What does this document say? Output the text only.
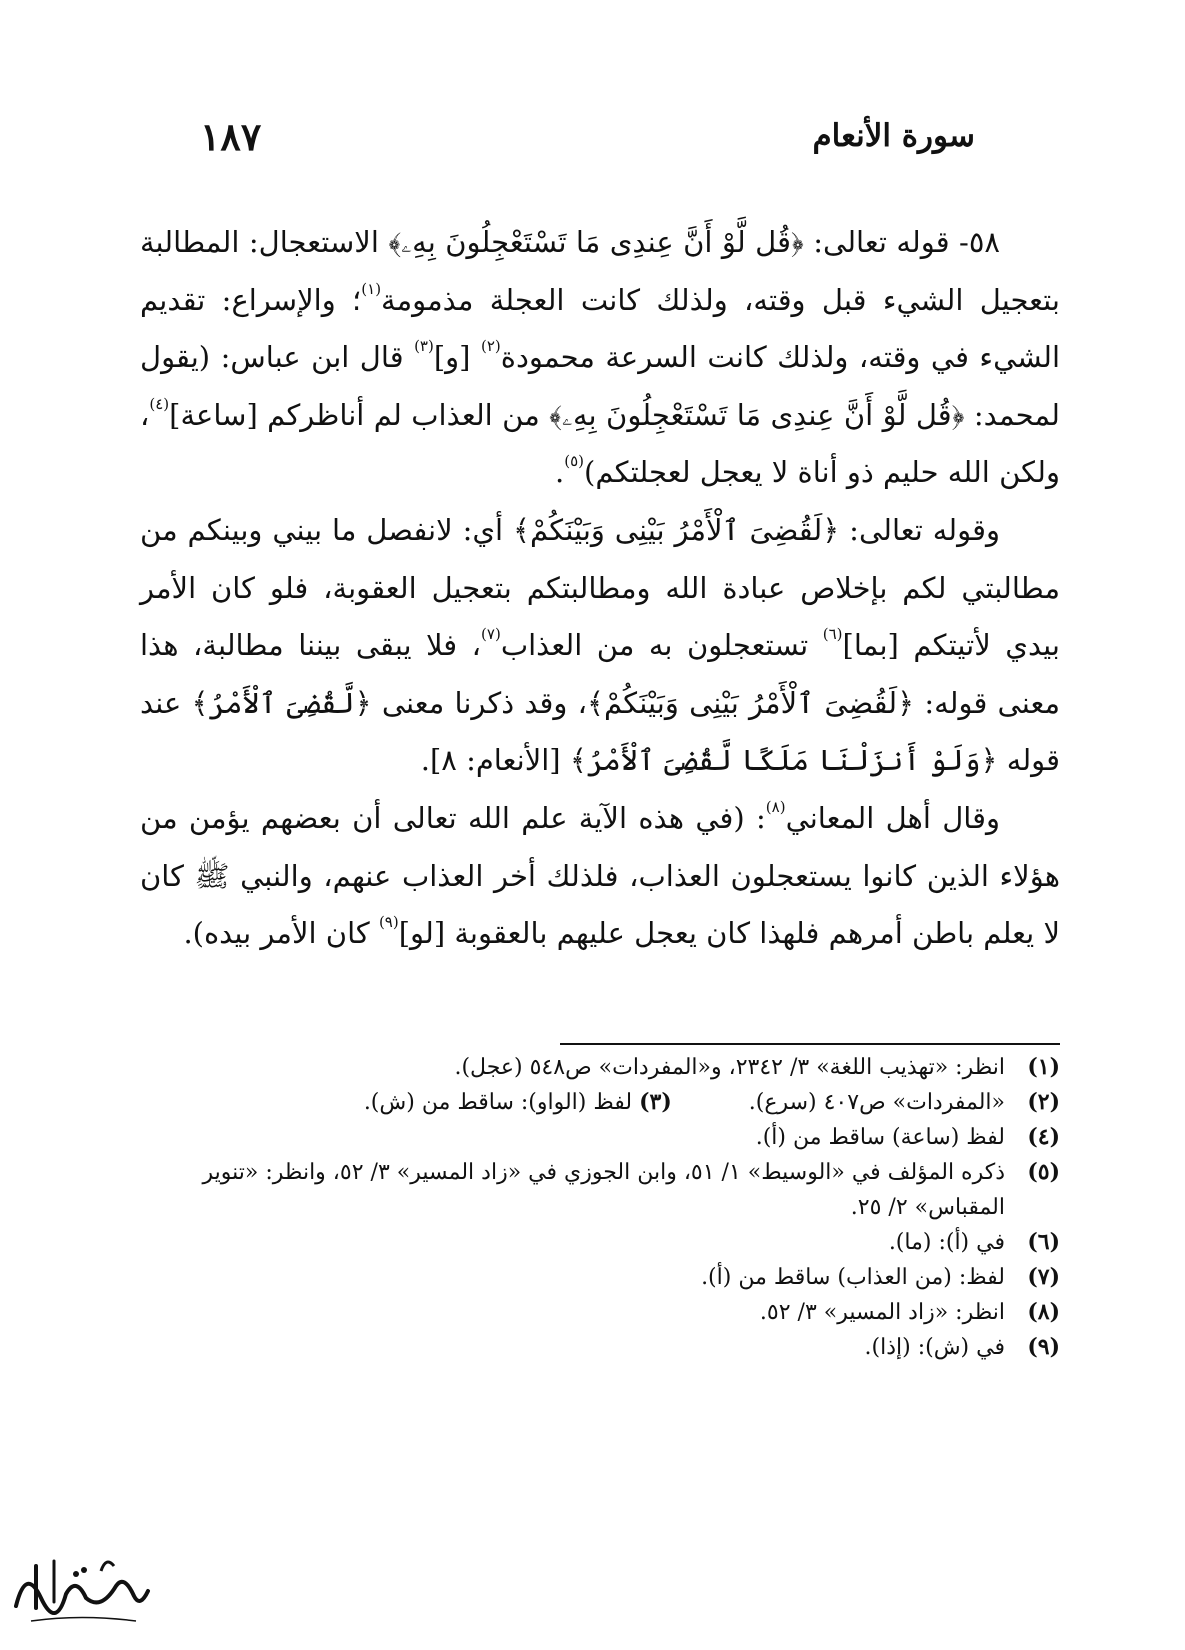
سورة الأنعام
١٨٧

٥٨- قوله تعالى: ﴿قُل لَّوْ أَنَّ عِندِى مَا تَسْتَعْجِلُونَ بِهِۦ﴾ الاستعجال: المطالبة بتعجيل الشيء قبل وقته، ولذلك كانت العجلة مذمومة$^{(١)}$؛ والإسراع: تقديم الشيء في وقته، ولذلك كانت السرعة محمودة$^{(٢)}$ [و]$^{(٣)}$ قال ابن عباس: (يقول لمحمد: ﴿قُل لَّوْ أَنَّ عِندِى مَا تَسْتَعْجِلُونَ بِهِۦ﴾ من العذاب لم أناظركم [ساعة]$^{(٤)}$، ولكن الله حليم ذو أناة لا يعجل لعجلتكم)$^{(٥)}$.

وقوله تعالى: ﴿لَقُضِىَ ٱلْأَمْرُ بَيْنِى وَبَيْنَكُمْ﴾ أي: لانفصل ما بيني وبينكم من مطالبتي لكم بإخلاص عبادة الله ومطالبتكم بتعجيل العقوبة، فلو كان الأمر بيدي لأتيتكم [بما]$^{(٦)}$ تستعجلون به من العذاب$^{(٧)}$، فلا يبقى بيننا مطالبة، هذا معنى قوله: ﴿لَقُضِىَ ٱلْأَمْرُ بَيْنِى وَبَيْنَكُمْ﴾، وقد ذكرنا معنى ﴿لَّقُضِىَ ٱلْأَمْرُ﴾ عند قوله ﴿وَلَوْ أَنزَلْنَا مَلَكًا لَّقُضِىَ ٱلْأَمْرُ﴾ [الأنعام: ٨].

وقال أهل المعاني$^{(٨)}$: (في هذه الآية علم الله تعالى أن بعضهم يؤمن من هؤلاء الذين كانوا يستعجلون العذاب، فلذلك أخر العذاب عنهم، والنبي ﷺ كان لا يعلم باطن أمرهم فلهذا كان يعجل عليهم بالعقوبة [لو]$^{(٩)}$ كان الأمر بيده).

(١)
انظر: «تهذيب اللغة» ٣/ ٢٣٤٢، و«المفردات» ص٥٤٨ (عجل).

(٢)
«المفردات» ص٤٠٧ (سرع). (٣) لفظ (الواو): ساقط من (ش).

(٤)
لفظ (ساعة) ساقط من (أ).

(٥)
ذكره المؤلف في «الوسيط» ١/ ٥١، وابن الجوزي في «زاد المسير» ٣/ ٥٢، وانظر: «تنوير المقباس» ٢/ ٢٥.

(٦)
في (أ): (ما).

(٧)
لفظ: (من العذاب) ساقط من (أ).

(٨)
انظر: «زاد المسير» ٣/ ٥٢.

(٩)
في (ش): (إذا).
